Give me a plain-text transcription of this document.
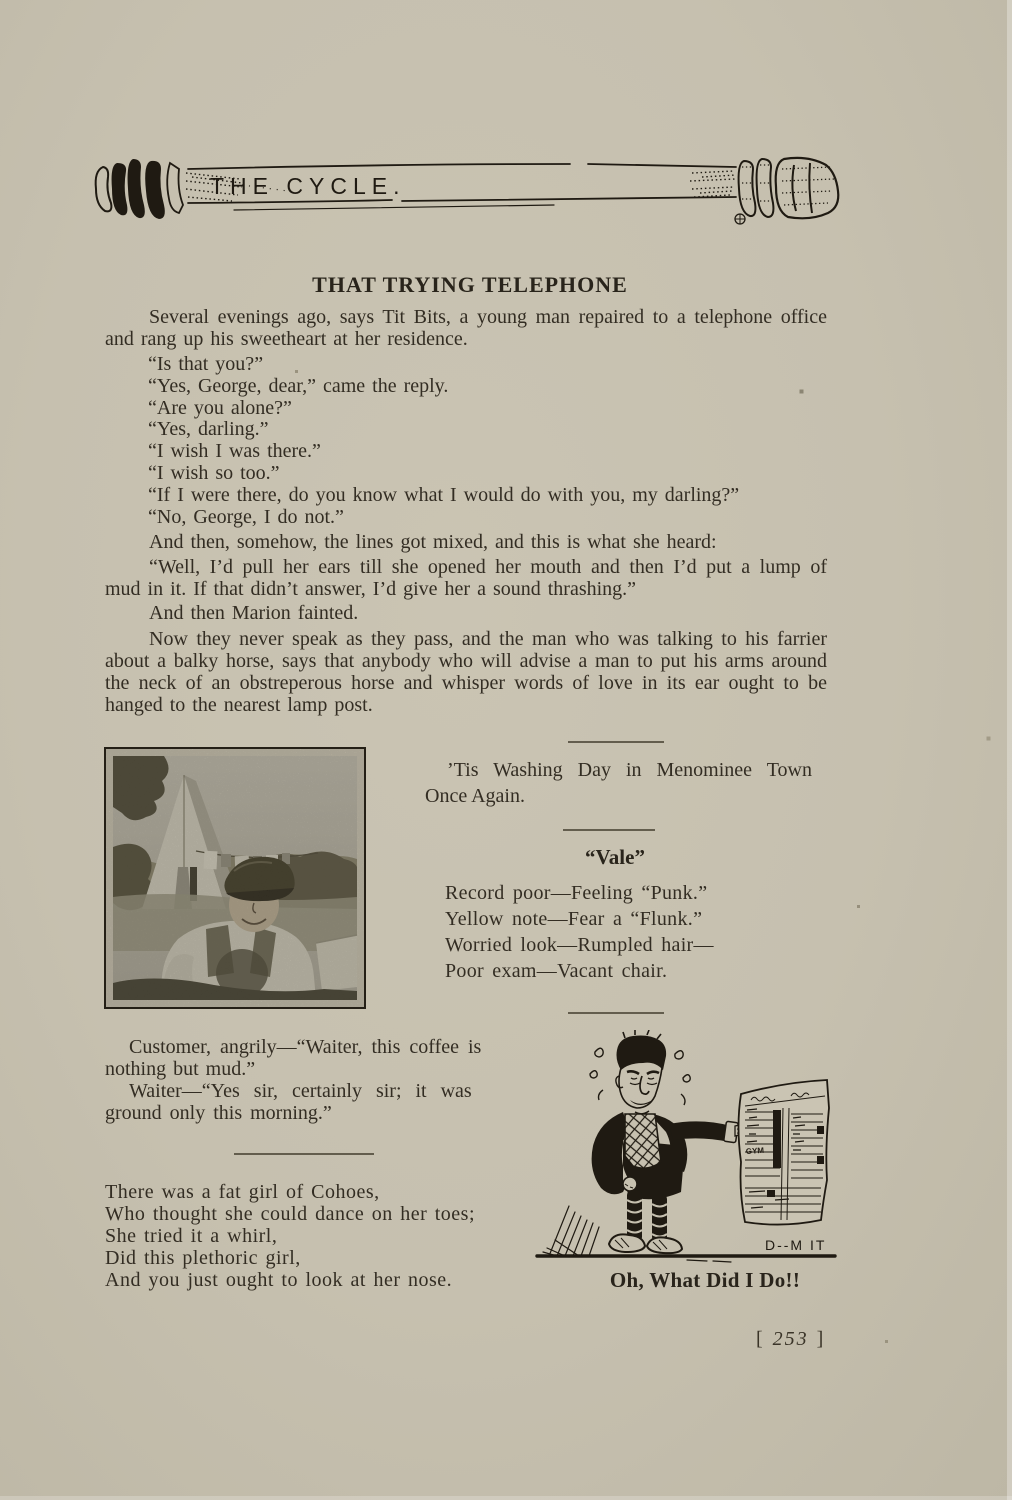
THE CYCLE.
THAT TRYING TELEPHONE
Several evenings ago, says Tit Bits, a young man repaired to a telephone office and rang up his sweetheart at her residence.
“Is that you?”
“Yes, George, dear,” came the reply.
“Are you alone?”
“Yes, darling.”
“I wish I was there.”
“I wish so too.”
“If I were there, do you know what I would do with you, my darling?”
“No, George, I do not.”
And then, somehow, the lines got mixed, and this is what she heard:
“Well, I’d pull her ears till she opened her mouth and then I’d put a lump of mud in it. If that didn’t answer, I’d give her a sound thrashing.”
And then Marion fainted.
Now they never speak as they pass, and the man who was talking to his farrier about a balky horse, says that anybody who will advise a man to put his arms around the neck of an obstreperous horse and whisper words of love in its ear ought to be hanged to the nearest lamp post.
’Tis Washing Day in Menominee Town
Once Again.
“Vale”
Record poor—Feeling “Punk.”
Yellow note—Fear a “Flunk.”
Worried look—Rumpled hair—
Poor exam—Vacant chair.
Customer, angrily—“Waiter, this coffee is
nothing but mud.”
Waiter—“Yes sir, certainly sir; it was
ground only this morning.”
There was a fat girl of Cohoes,
Who thought she could dance on her toes;
She tried it a whirl,
Did this plethoric girl,
And you just ought to look at her nose.
GYM
D--M IT
Oh, What Did I Do!!
[ 253 ]
